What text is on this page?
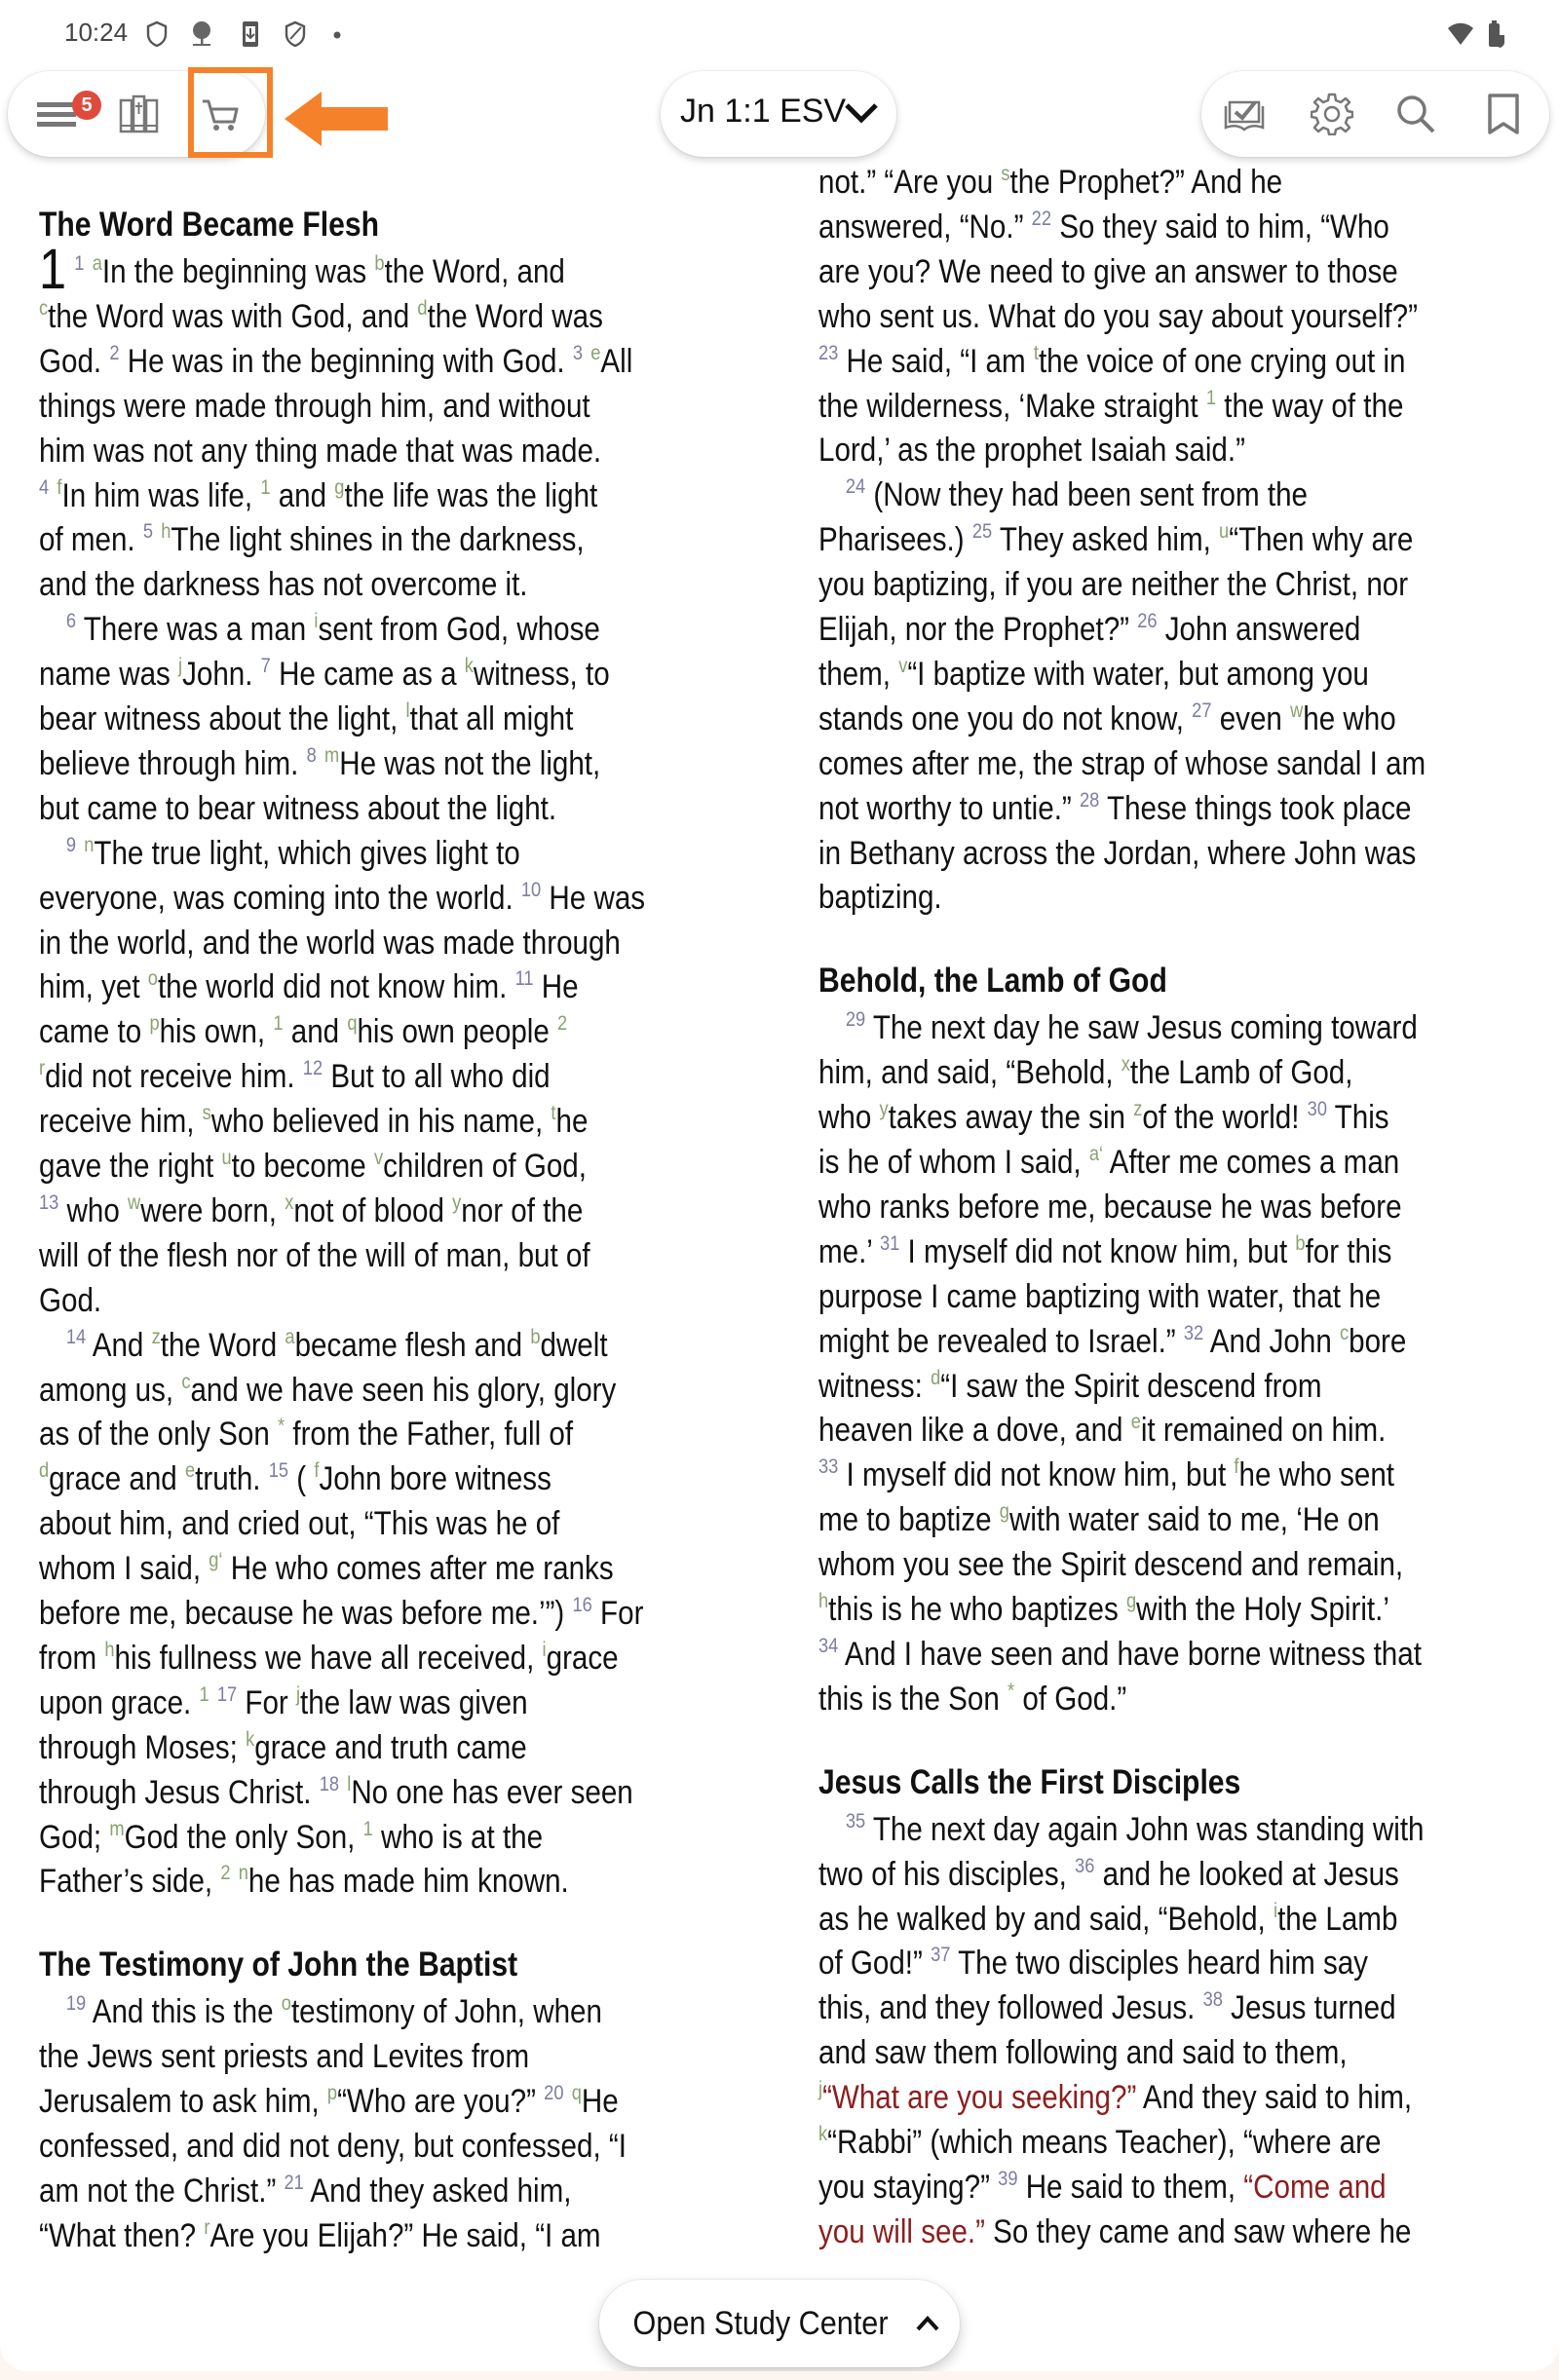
10:24
5	Jn 1:1 ESV
The Word Became Flesh
1 $^1$ $^a$In the beginning was $^b$the Word, and
$^c$the Word was with God, and $^d$the Word was
God. $^2$ He was in the beginning with God. $^3$ $^e$All
things were made through him, and without
him was not any thing made that was made.
$^4$ $^f$In him was life, $^1$ and $^g$the life was the light
of men. $^5$ $^h$The light shines in the darkness,
and the darkness has not overcome it.
$^6$ There was a man $^i$sent from God, whose
name was $^j$John. $^7$ He came as a $^k$witness, to
bear witness about the light, $^l$that all might
believe through him. $^8$ $^m$He was not the light,
but came to bear witness about the light.
$^9$ $^n$The true light, which gives light to
everyone, was coming into the world. $^{10}$ He was
in the world, and the world was made through
him, yet $^o$the world did not know him. $^{11}$ He
came to $^p$his own, $^1$ and $^q$his own people $^2$
$^r$did not receive him. $^{12}$ But to all who did
receive him, $^s$who believed in his name, $^t$he
gave the right $^u$to become $^v$children of God,
$^{13}$ who $^w$were born, $^x$not of blood $^y$nor of the
will of the flesh nor of the will of man, but of
God.
$^{14}$ And $^z$the Word $^a$became flesh and $^b$dwelt
among us, $^c$and we have seen his glory, glory
as of the only Son * from the Father, full of
$^d$grace and $^e$truth. $^{15}$ ( $^f$John bore witness
about him, and cried out, “This was he of
whom I said, $^{g‘}$ He who comes after me ranks
before me, because he was before me.’”) $^{16}$ For
from $^h$his fullness we have all received, $^i$grace
upon grace. $^1$ $^{17}$ For $^j$the law was given
through Moses; $^k$grace and truth came
through Jesus Christ. $^{18}$ $^l$No one has ever seen
God; $^m$God the only Son, $^1$ who is at the
Father’s side, $^2$ $^n$he has made him known.
The Testimony of John the Baptist
$^{19}$ And this is the $^o$testimony of John, when
the Jews sent priests and Levites from
Jerusalem to ask him, $^p$“Who are you?” $^{20}$ $^q$He
confessed, and did not deny, but confessed, “I
am not the Christ.” $^{21}$ And they asked him,
“What then? $^r$Are you Elijah?” He said, “I am
not.” “Are you $^s$the Prophet?” And he
answered, “No.” $^{22}$ So they said to him, “Who
are you? We need to give an answer to those
who sent us. What do you say about yourself?”
$^{23}$ He said, “I am $^t$the voice of one crying out in
the wilderness, ‘Make straight $^1$ the way of the
Lord,’ as the prophet Isaiah said.”
$^{24}$ (Now they had been sent from the
Pharisees.) $^{25}$ They asked him, $^u$“Then why are
you baptizing, if you are neither the Christ, nor
Elijah, nor the Prophet?” $^{26}$ John answered
them, $^v$“I baptize with water, but among you
stands one you do not know, $^{27}$ even $^w$he who
comes after me, the strap of whose sandal I am
not worthy to untie.” $^{28}$ These things took place
in Bethany across the Jordan, where John was
baptizing.
Behold, the Lamb of God
$^{29}$ The next day he saw Jesus coming toward
him, and said, “Behold, $^x$the Lamb of God,
who $^y$takes away the sin $^z$of the world! $^{30}$ This
is he of whom I said, $^{a‘}$ After me comes a man
who ranks before me, because he was before
me.’ $^{31}$ I myself did not know him, but $^b$for this
purpose I came baptizing with water, that he
might be revealed to Israel.” $^{32}$ And John $^c$bore
witness: $^d$“I saw the Spirit descend from
heaven like a dove, and $^e$it remained on him.
$^{33}$ I myself did not know him, but $^f$he who sent
me to baptize $^g$with water said to me, ‘He on
whom you see the Spirit descend and remain,
$^h$this is he who baptizes $^g$with the Holy Spirit.’
$^{34}$ And I have seen and have borne witness that
this is the Son * of God.”
Jesus Calls the First Disciples
$^{35}$ The next day again John was standing with
two of his disciples, $^{36}$ and he looked at Jesus
as he walked by and said, “Behold, $^i$the Lamb
of God!” $^{37}$ The two disciples heard him say
this, and they followed Jesus. $^{38}$ Jesus turned
and saw them following and said to them,
$^j$“What are you seeking?” And they said to him,
$^k$“Rabbi” (which means Teacher), “where are
you staying?” $^{39}$ He said to them, “Come and
you will see.” So they came and saw where he
Open Study Center
